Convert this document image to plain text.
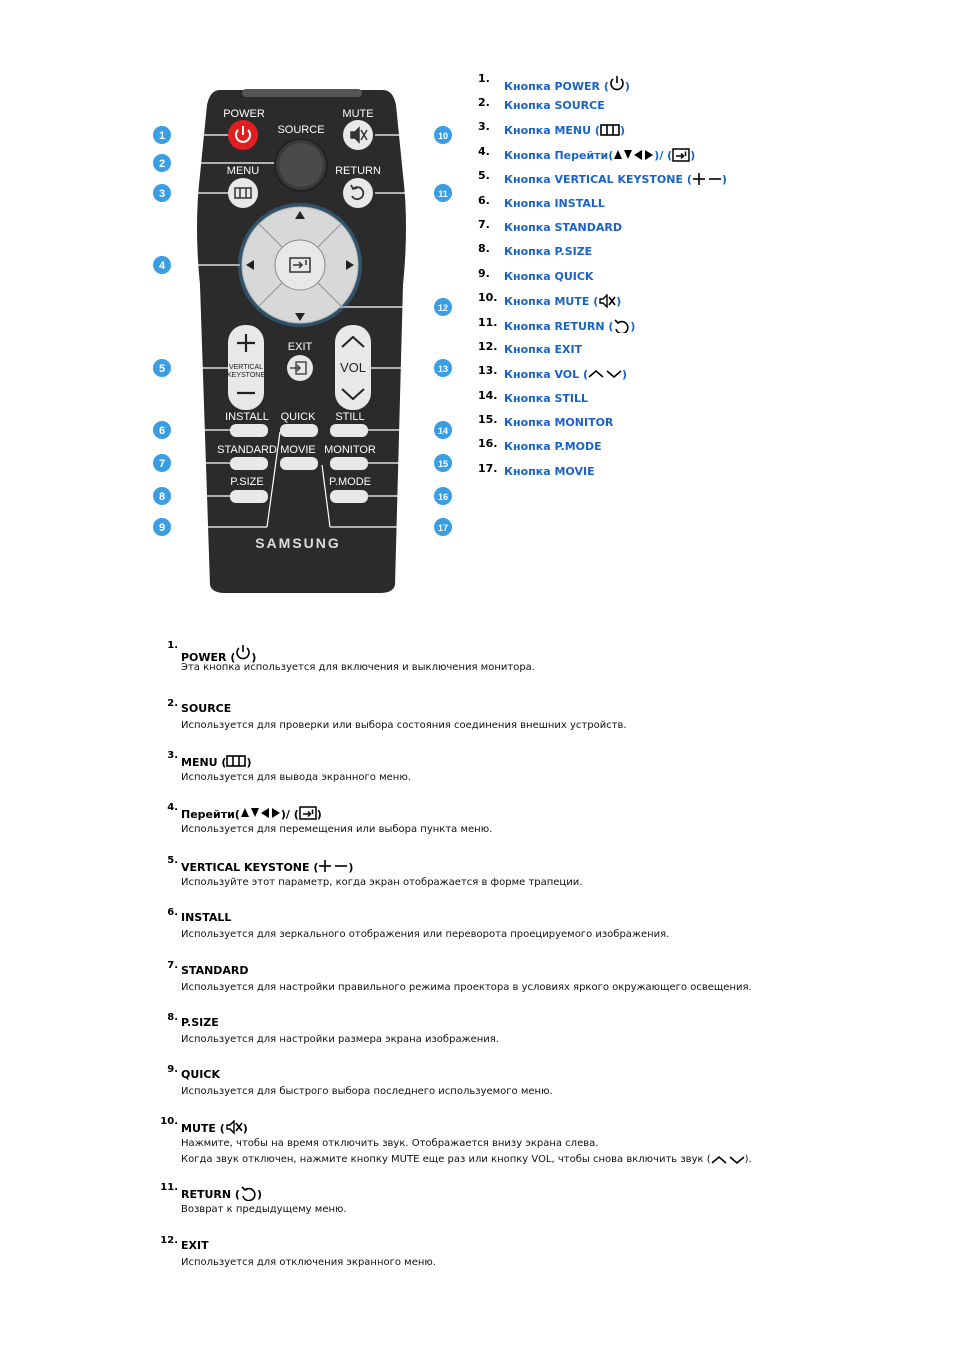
POWER	MUTE
SOURCE
MENU	RETURN
VERTICAL
KEYSTONE
EXIT
VOL
INSTALL QUICK STILL
STANDARD MOVIE MONITOR
P.SIZE	P.MODE
SAMSUNG
1
2
3
4
5
6
7
8
9
10
11
12
13
14
15
16
17
1.
Кнопка POWER ( )
2.	Кнопка SOURCE
3.	Кнопка MENU ( )
4.	Кнопка Перейти(	)/ ( )
5.	Кнопка VERTICAL KEYSTONE (	)
6.	Кнопка INSTALL
7.	Кнопка STANDARD
8.	Кнопка P.SIZE
9.	Кнопка QUICK
10. Кнопка MUTE ( )
11. Кнопка RETURN ( )
12. Кнопка EXIT
13. Кнопка VOL (	)
14. Кнопка STILL
15. Кнопка MONITOR
16. Кнопка P.MODE
17. Кнопка MOVIE
1.
POWER ( )
Эта кнопка используется для включения и выключения монитора.
2. SOURCE
Используется для проверки или выбора состояния соединения внешних устройств.
3.
MENU ( )
Используется для вывода экранного меню.
4.
Перейти(	)/ ( )
Используется для перемещения или выбора пункта меню.
5.
VERTICAL KEYSTONE (	)
Используйте этот параметр, когда экран отображается в форме трапеции.
6. INSTALL
Используется для зеркального отображения или переворота проецируемого изображения.
7. STANDARD
Используется для настройки правильного режима проектора в условиях яркого окружающего освещения.
8. P.SIZE
Используется для настройки размера экрана изображения.
9. QUICK
Используется для быстрого выбора последнего используемого меню.
10.
MUTE ( )
Нажмите, чтобы на время отключить звук. Отображается внизу экрана слева.
Когда звук отключен, нажмите кнопку MUTE еще раз или кнопку VOL, чтобы снова включить звук (	).
11.
RETURN ( )
Возврат к предыдущему меню.
12. EXIT
Используется для отключения экранного меню.
